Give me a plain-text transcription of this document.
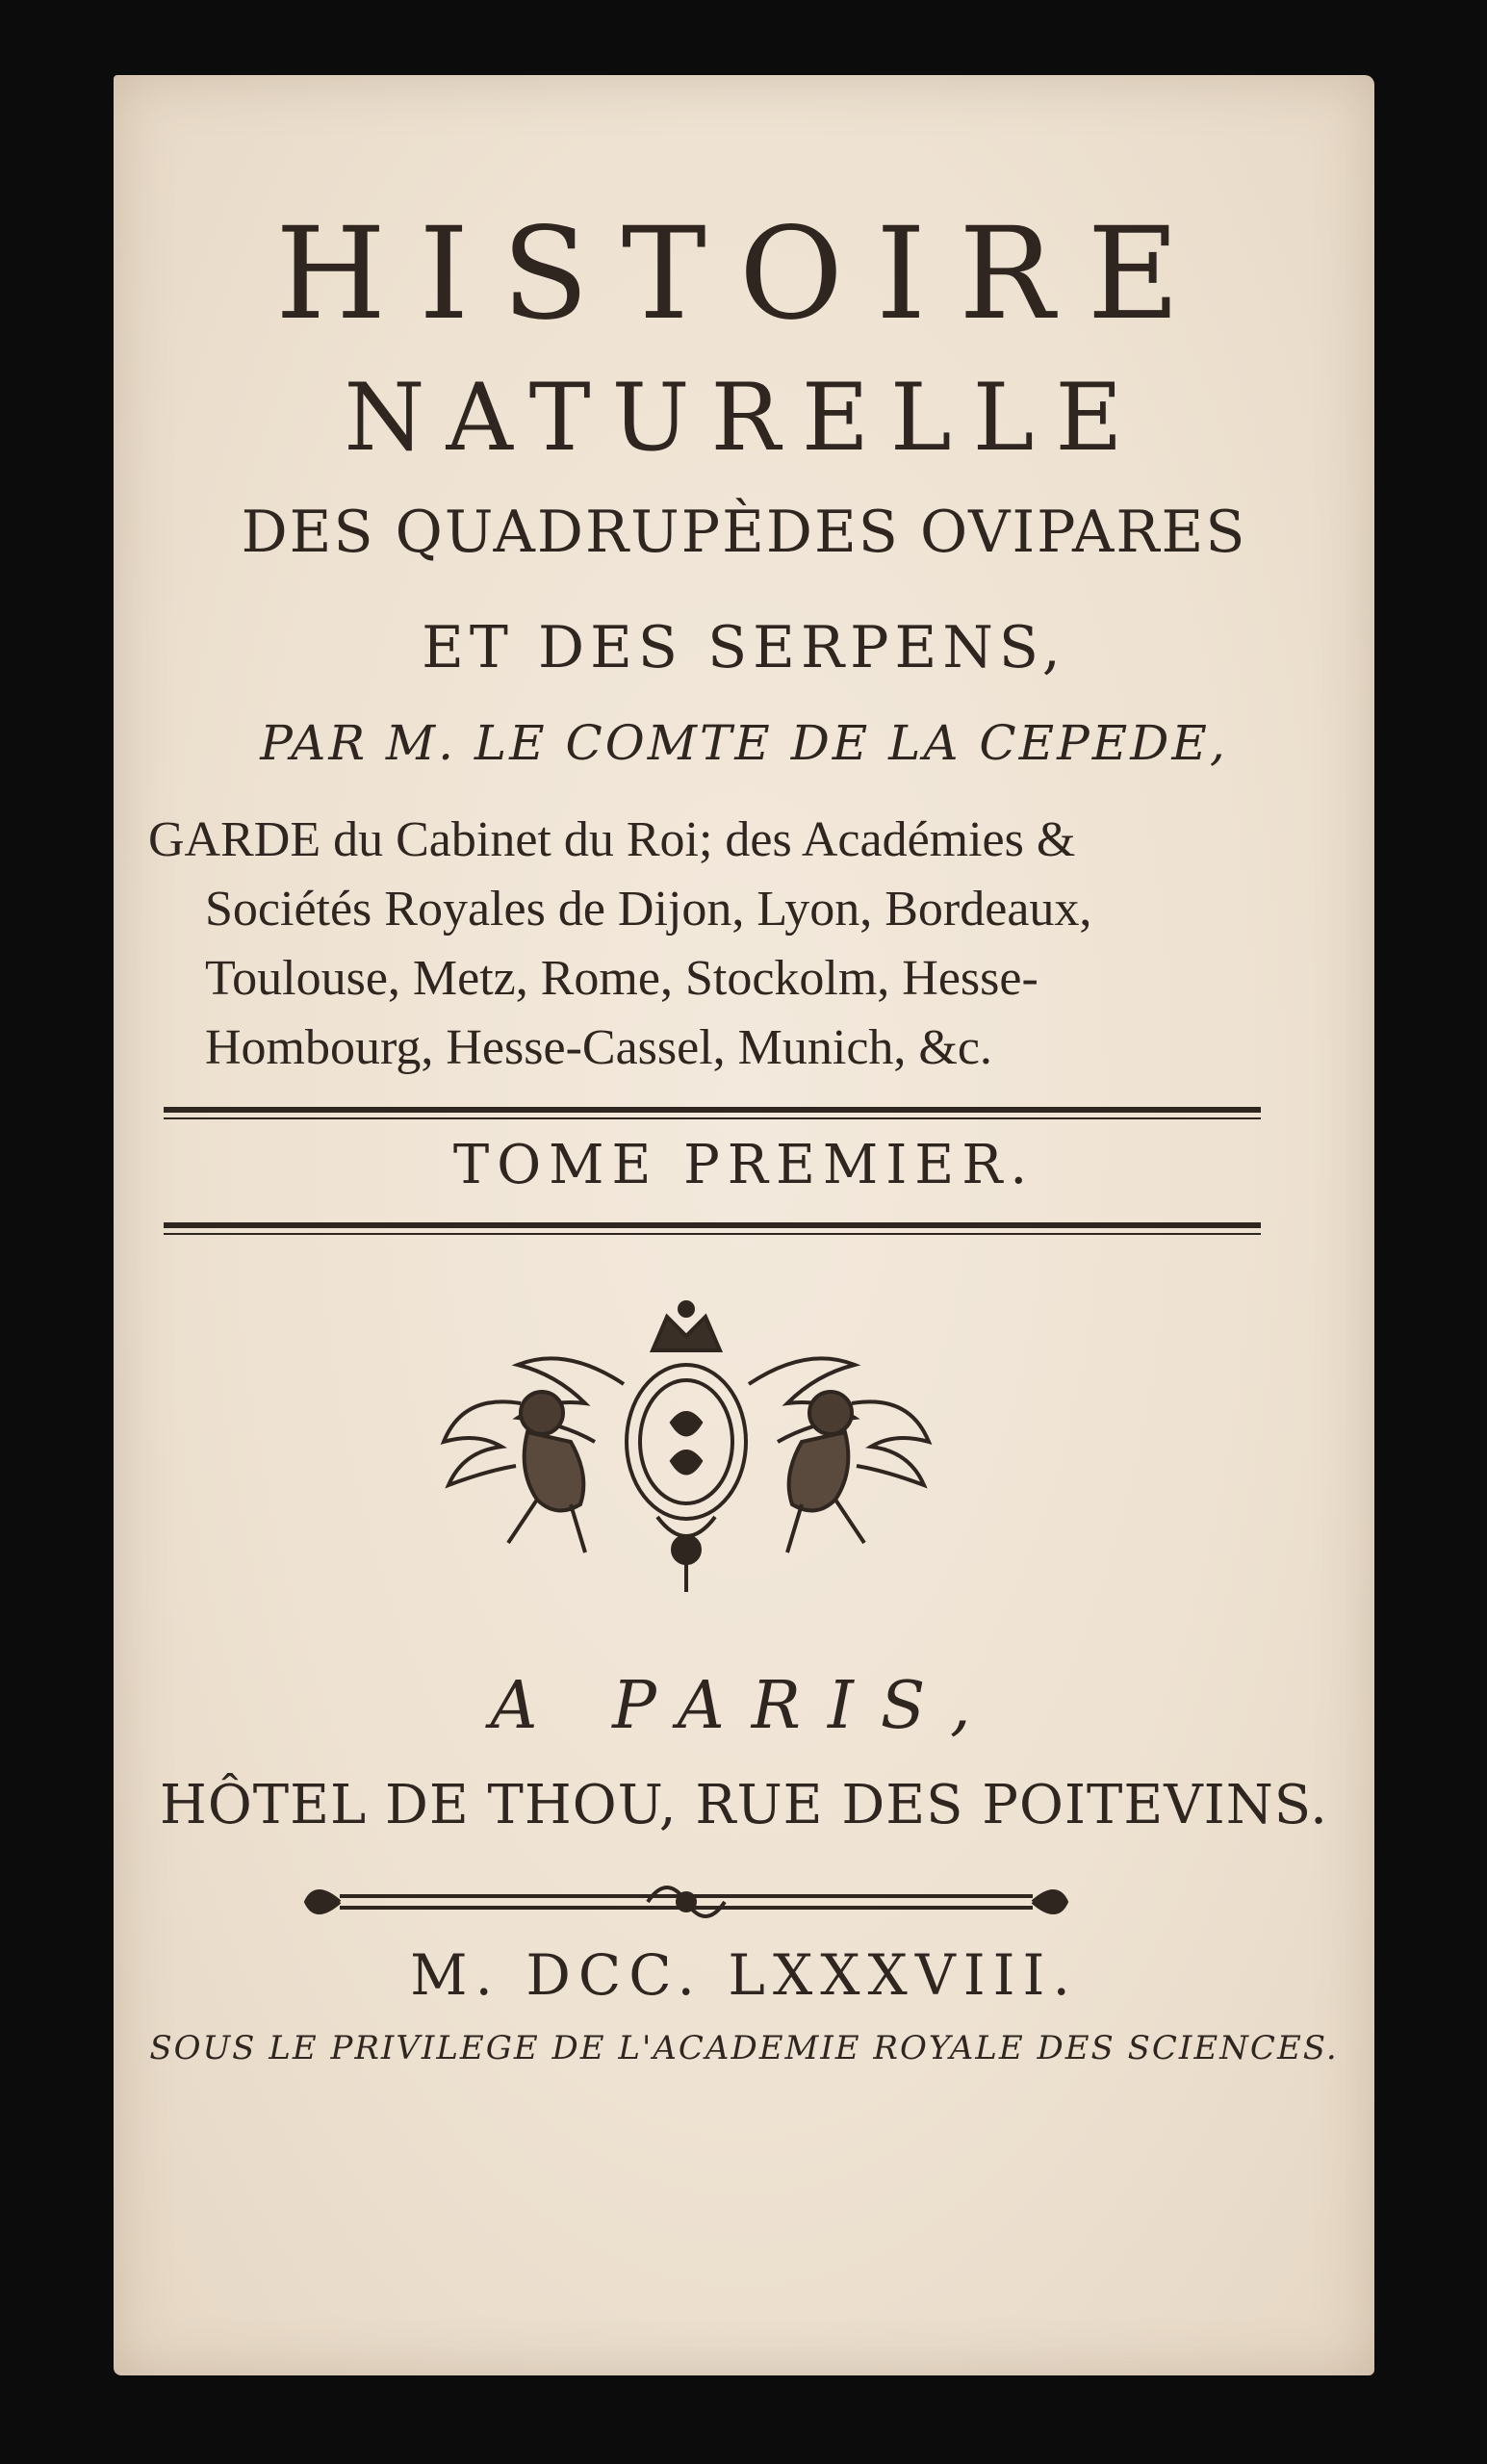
HISTOIRE
NATURELLE
DES QUADRUPÈDES OVIPARES
ET DES SERPENS,
PAR M. LE COMTE DE LA CEPEDE,
GARDE du Cabinet du Roi; des Académies &
Sociétés Royales de Dijon, Lyon, Bordeaux,
Toulouse, Metz, Rome, Stockolm, Hesse-
Hombourg, Hesse-Cassel, Munich, &c.
TOME PREMIER.
A PARIS,
HÔTEL DE THOU, RUE DES POITEVINS.
M. DCC. LXXXVIII.
SOUS LE PRIVILEGE DE L'ACADEMIE ROYALE DES SCIENCES.
